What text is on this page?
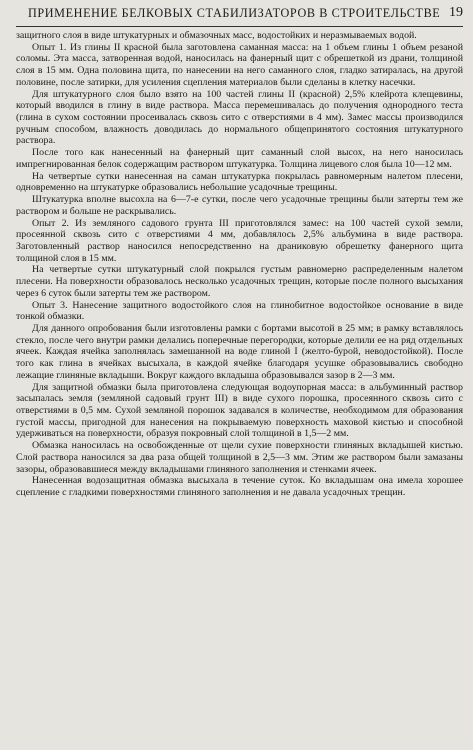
ПРИМЕНЕНИЕ БЕЛКОВЫХ СТАБИЛИЗАТОРОВ В СТРОИТЕЛЬСТВЕ 19

защитного слоя в виде штукатурных и обмазочных масс, водостойких и неразмываемых водой.

Опыт 1. Из глины II красной была заготовлена саманная масса: на 1 объем глины 1 объем резаной соломы. Эта масса, затворенная водой, наносилась на фанерный щит с обрешеткой из драни, толщиной слоя в 15 мм. Одна половина щита, по нанесении на него саманного слоя, гладко затиралась, на другой половине, после затирки, для усиления сцепления материалов были сделаны в клетку насечки.

Для штукатурного слоя было взято на 100 частей глины II (красной) 2,5% клейрота клещевины, который вводился в глину в виде раствора. Масса перемешивалась до получения однородного теста (глина в сухом состоянии просеивалась сквозь сито с отверстиями в 4 мм). Замес массы производился ручным способом, влажность доводилась до нормального общепринятого состояния штукатурного раствора.

После того как нанесенный на фанерный щит саманный слой высох, на него наносилась импрегнированная белок содержащим раствором штукатурка. Толщина лицевого слоя была 10—12 мм.

На четвертые сутки нанесенная на саман штукатурка покрылась равномерным налетом плесени, одновременно на штукатурке образовались небольшие усадочные трещины.

Штукатурка вполне высохла на 6—7-е сутки, после чего усадочные трещины были затерты тем же раствором и больше не раскрывались.

Опыт 2. Из земляного садового грунта III приготовлялся замес: на 100 частей сухой земли, просеянной сквозь сито с отверстиями 4 мм, добавлялось 2,5% альбумина в виде раствора. Заготовленный раствор наносился непосредственно на драниковую обрешетку фанерного щита толщиной слоя в 15 мм.

На четвертые сутки штукатурный слой покрылся густым равномерно распределенным налетом плесени. На поверхности образовалось несколько усадочных трещин, которые после полного высыхания через 6 суток были затерты тем же раствором.

Опыт 3. Нанесение защитного водостойкого слоя на глинобитное водостойкое основание в виде тонкой обмазки.

Для данного опробования были изготовлены рамки с бортами высотой в 25 мм; в рамку вставлялось стекло, после чего внутри рамки делались поперечные перегородки, которые делили ее на ряд отдельных ячеек. Каждая ячейка заполнялась замешанной на воде глиной I (желто-бурой, неводостойкой). После того как глина в ячейках высыхала, в каждой ячейке благодаря усушке образовывались свободно лежащие глиняные вкладыши. Вокруг каждого вкладыша образовывался зазор в 2—3 мм.

Для защитной обмазки была приготовлена следующая водоупорная масса: в альбуминный раствор засыпалась земля (земляной садовый грунт III) в виде сухого порошка, просеянного сквозь сито с отверстиями в 0,5 мм. Сухой земляной порошок задавался в количестве, необходимом для образования густой массы, пригодной для нанесения на покрываемую поверхность маховой кистью и способной удерживаться на поверхности, образуя покровный слой толщиной в 1,5—2 мм.

Обмазка наносилась на освобожденные от щели сухие поверхности глиняных вкладышей кистью. Слой раствора наносился за два раза общей толщиной в 2,5—3 мм. Этим же раствором были замазаны зазоры, образовавшиеся между вкладышами глиняного заполнения и стенками ячеек.

Нанесенная водозащитная обмазка высыхала в течение суток. Ко вкладышам она имела хорошее сцепление с гладкими поверхностями глиняного заполнения и не давала усадочных трещин.
